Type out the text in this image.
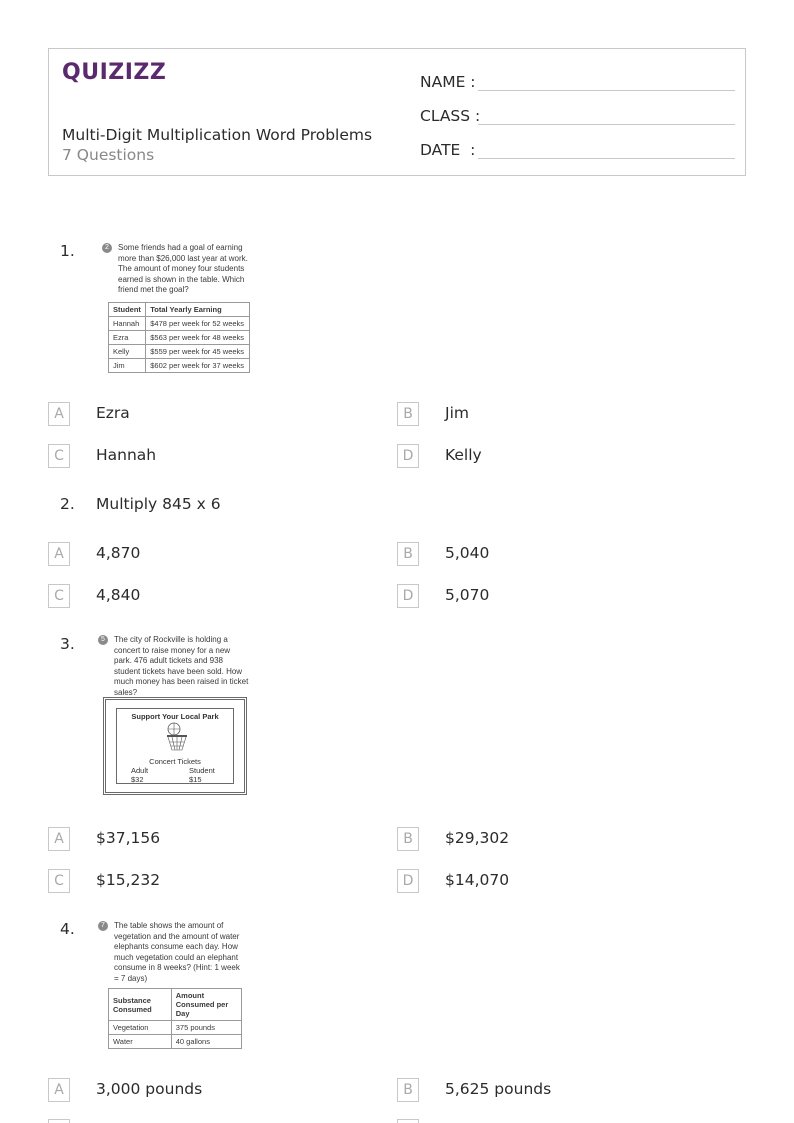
QUIZIZZ
Multi-Digit Multiplication Word Problems
7 Questions
NAME :
CLASS :
DATE  :
1.	2 Some friends had a goal of earning more than $26,000 last year at work. The amount of money four students earned is shown in the table. Which friend met the goal?
Student	Total Yearly Earning
Hannah	$478 per week for 52 weeks
Ezra	$563 per week for 48 weeks
Kelly	$559 per week for 45 weeks
Jim	$602 per week for 37 weeks
A	Ezra	B	Jim
C	Hannah	D	Kelly
2. Multiply 845 x 6
A	4,870	B	5,040
C	4,840	D	5,070
3.	5 The city of Rockville is holding a concert to raise money for a new park. 476 adult tickets and 938 student tickets have been sold. How much money has been raised in ticket sales?
Support Your Local Park
Concert Tickets
Adult
$32
Student
$15
A	$37,156	B	$29,302
C	$15,232	D	$14,070
4.	7 The table shows the amount of vegetation and the amount of water elephants consume each day. How much vegetation could an elephant consume in 8 weeks? (Hint: 1 week = 7 days)
Substance Consumed	Amount Consumed per Day
Vegetation	375 pounds
Water	40 gallons
A	3,000 pounds	B	5,625 pounds
